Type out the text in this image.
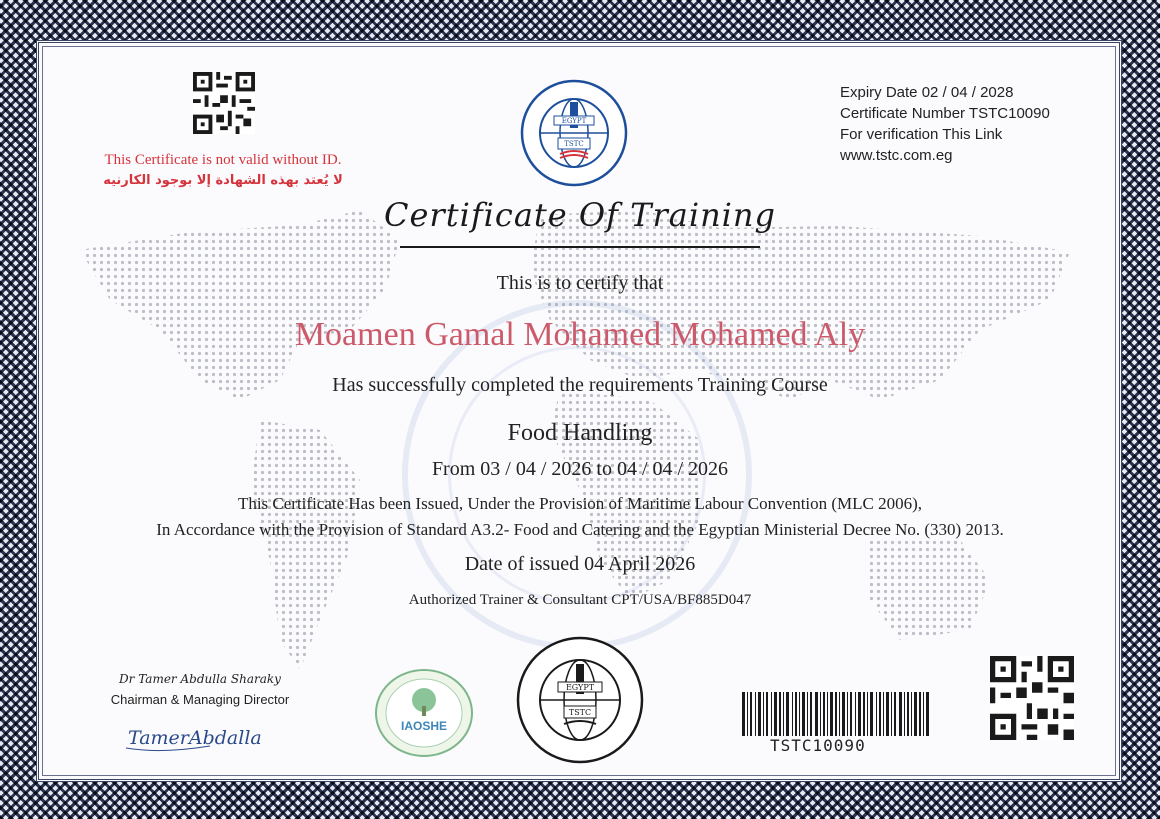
This Certificate is not valid without ID.
لا يُعتد بهذه الشهادة إلا بوجود الكارنيه
EGYPT
TSTC
Expiry Date 02 / 04 / 2028
Certificate Number TSTC10090
For verification This Link
www.tstc.com.eg
Certificate Of Training
This is to certify that
Moamen Gamal Mohamed Mohamed Aly
Has successfully completed the requirements Training Course
Food Handling
From 03 / 04 / 2026 to 04 / 04 / 2026
This Certificate Has been Issued, Under the Provision of Maritime Labour Convention (MLC 2006),
In Accordance with the Provision of Standard A3.2- Food and Catering and the Egyptian Ministerial Decree No. (330) 2013.
Date of issued 04 April 2026
Authorized Trainer & Consultant CPT/USA/BF885D047
Dr Tamer Abdulla Sharaky
Chairman & Managing Director
TamerAbdalla
IAOSHE
EGYPT
TSTC
TSTC10090
